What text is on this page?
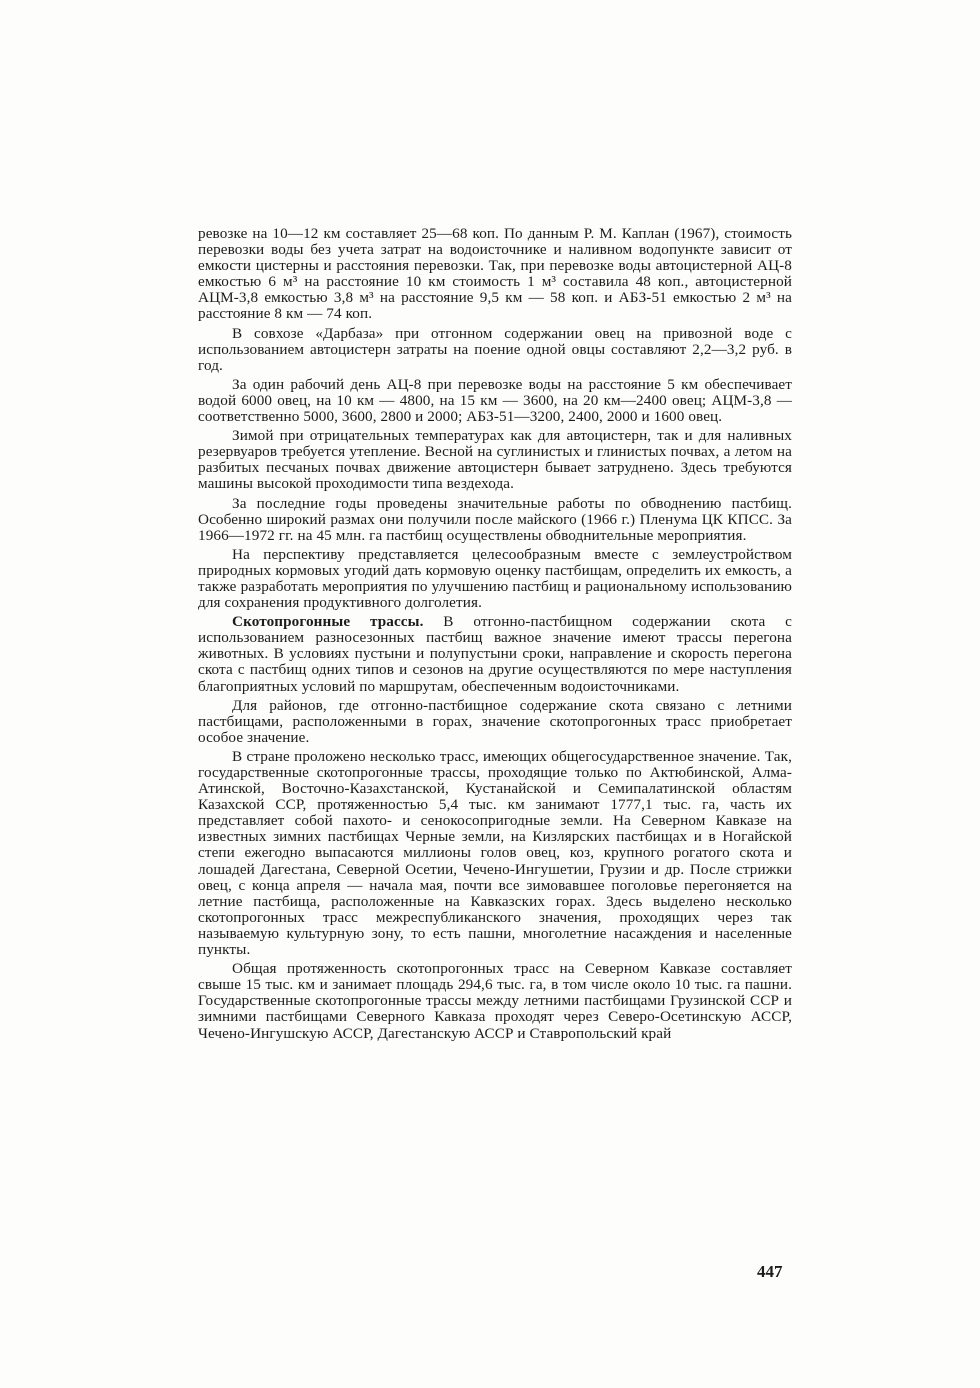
ревозке на 10—12 км составляет 25—68 коп. По данным Р. М. Каплан (1967), стоимость перевозки воды без учета затрат на водоисточнике и наливном водопункте зависит от емкости цистерны и расстояния перевозки. Так, при перевозке воды автоцистерной АЦ-8 емкостью 6 м³ на расстояние 10 км стоимость 1 м³ составила 48 коп., автоцистерной АЦМ-3,8 емкостью 3,8 м³ на расстояние 9,5 км — 58 коп. и АБЗ-51 емкостью 2 м³ на расстояние 8 км — 74 коп.

В совхозе «Дарбаза» при отгонном содержании овец на привозной воде с использованием автоцистерн затраты на поение одной овцы составляют 2,2—3,2 руб. в год.

За один рабочий день АЦ-8 при перевозке воды на расстояние 5 км обеспечивает водой 6000 овец, на 10 км — 4800, на 15 км — 3600, на 20 км—2400 овец; АЦМ-3,8 — соответственно 5000, 3600, 2800 и 2000; АБЗ-51—3200, 2400, 2000 и 1600 овец.

Зимой при отрицательных температурах как для автоцистерн, так и для наливных резервуаров требуется утепление. Весной на суглинистых и глинистых почвах, а летом на разбитых песчаных почвах движение автоцистерн бывает затруднено. Здесь требуются машины высокой проходимости типа вездехода.

За последние годы проведены значительные работы по обводнению пастбищ. Особенно широкий размах они получили после майского (1966 г.) Пленума ЦК КПСС. За 1966—1972 гг. на 45 млн. га пастбищ осуществлены обводнительные мероприятия.

На перспективу представляется целесообразным вместе с землеустройством природных кормовых угодий дать кормовую оценку пастбищам, определить их емкость, а также разработать мероприятия по улучшению пастбищ и рациональному использованию для сохранения продуктивного долголетия.

Скотопрогонные трассы. В отгонно-пастбищном содержании скота с использованием разносезонных пастбищ важное значение имеют трассы перегона животных. В условиях пустыни и полупустыни сроки, направление и скорость перегона скота с пастбищ одних типов и сезонов на другие осуществляются по мере наступления благоприятных условий по маршрутам, обеспеченным водоисточниками.

Для районов, где отгонно-пастбищное содержание скота связано с летними пастбищами, расположенными в горах, значение скотопрогонных трасс приобретает особое значение.

В стране проложено несколько трасс, имеющих общегосударственное значение. Так, государственные скотопрогонные трассы, проходящие только по Актюбинской, Алма-Атинской, Восточно-Казахстанской, Кустанайской и Семипалатинской областям Казахской ССР, протяженностью 5,4 тыс. км занимают 1777,1 тыс. га, часть их представляет собой пахото- и сенокосопригодные земли. На Северном Кавказе на известных зимних пастбищах Черные земли, на Кизлярских пастбищах и в Ногайской степи ежегодно выпасаются миллионы голов овец, коз, крупного рогатого скота и лошадей Дагестана, Северной Осетии, Чечено-Ингушетии, Грузии и др. После стрижки овец, с конца апреля — начала мая, почти все зимовавшее поголовье перегоняется на летние пастбища, расположенные на Кавказских горах. Здесь выделено несколько скотопрогонных трасс межреспубликанского значения, проходящих через так называемую культурную зону, то есть пашни, многолетние насаждения и населенные пункты.

Общая протяженность скотопрогонных трасс на Северном Кавказе составляет свыше 15 тыс. км и занимает площадь 294,6 тыс. га, в том числе около 10 тыс. га пашни. Государственные скотопрогонные трассы между летними пастбищами Грузинской ССР и зимними пастбищами Северного Кавказа проходят через Северо-Осетинскую АССР, Чечено-Ингушскую АССР, Дагестанскую АССР и Ставропольский край

447
